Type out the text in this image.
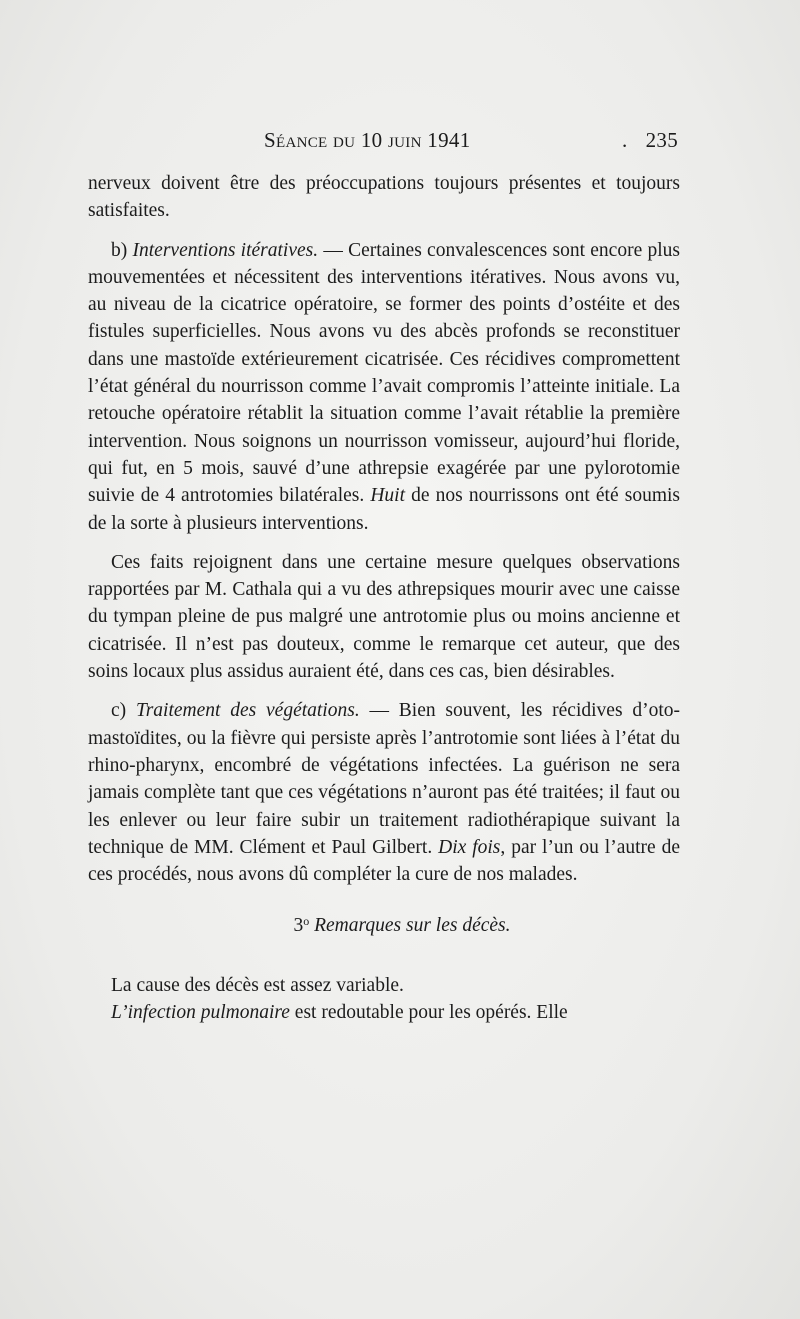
Séance du 10 juin 1941	. 235

nerveux doivent être des préoccupations toujours présentes et toujours satisfaites.

b) Interventions itératives. — Certaines convalescences sont encore plus mouvementées et nécessitent des interventions itératives. Nous avons vu, au niveau de la cicatrice opératoire, se former des points d’ostéite et des fistules superficielles. Nous avons vu des abcès profonds se reconstituer dans une mastoïde extérieurement cicatrisée. Ces récidives compromettent l’état général du nourrisson comme l’avait compromis l’atteinte initiale. La retouche opératoire rétablit la situation comme l’avait rétablie la première intervention. Nous soignons un nourrisson vomisseur, aujourd’hui floride, qui fut, en 5 mois, sauvé d’une athrepsie exagérée par une pylorotomie suivie de 4 antrotomies bilatérales. Huit de nos nourrissons ont été soumis de la sorte à plusieurs interventions.

Ces faits rejoignent dans une certaine mesure quelques observations rapportées par M. Cathala qui a vu des athrepsiques mourir avec une caisse du tympan pleine de pus malgré une antrotomie plus ou moins ancienne et cicatrisée. Il n’est pas douteux, comme le remarque cet auteur, que des soins locaux plus assidus auraient été, dans ces cas, bien désirables.

c) Traitement des végétations. — Bien souvent, les récidives d’oto-mastoïdites, ou la fièvre qui persiste après l’antrotomie sont liées à l’état du rhino-pharynx, encombré de végétations infectées. La guérison ne sera jamais complète tant que ces végétations n’auront pas été traitées; il faut ou les enlever ou leur faire subir un traitement radiothérapique suivant la technique de MM. Clément et Paul Gilbert. Dix fois, par l’un ou l’autre de ces procédés, nous avons dû compléter la cure de nos malades.

3$^o$ Remarques sur les décès.

La cause des décès est assez variable.

L’infection pulmonaire est redoutable pour les opérés. Elle
